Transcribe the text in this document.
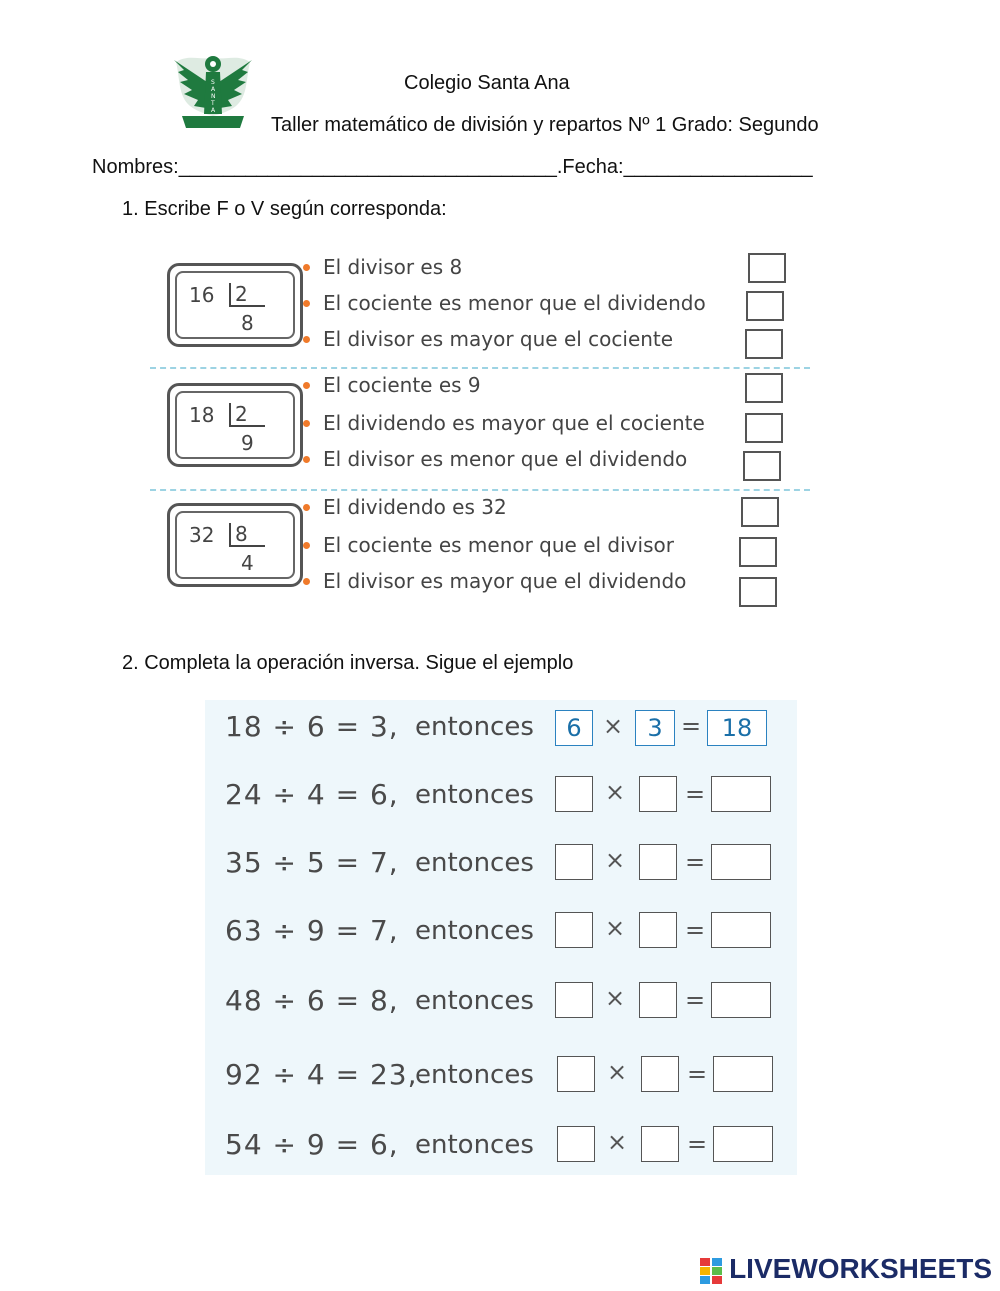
S
A
N
T
A
Colegio Santa Ana
Taller matemático de división y repartos Nº 1 Grado: Segundo
Nombres:__________________________________.Fecha:_________________
1. Escribe F o V según corresponda:
16	2
8
El divisor es 8
El cociente es menor que el dividendo
El divisor es mayor que el cociente
18	2
9
El cociente es 9
El dividendo es mayor que el cociente
El divisor es menor que el dividendo
32	8
4
El dividendo es 32
El cociente es menor que el divisor
El divisor es mayor que el dividendo
2. Completa la operación inversa. Sigue el ejemplo
18 ÷ 6 = 3, entonces	6 ×	3 = 18
24 ÷ 4 = 6, entonces	× =
35 ÷ 5 = 7, entonces	× =
63 ÷ 9 = 7, entonces	× =
48 ÷ 6 = 8, entonces	× =
92 ÷ 4 = 23,
entonces	× =
54 ÷ 9 = 6, entonces	× =
LIVEWORKSHEETS
